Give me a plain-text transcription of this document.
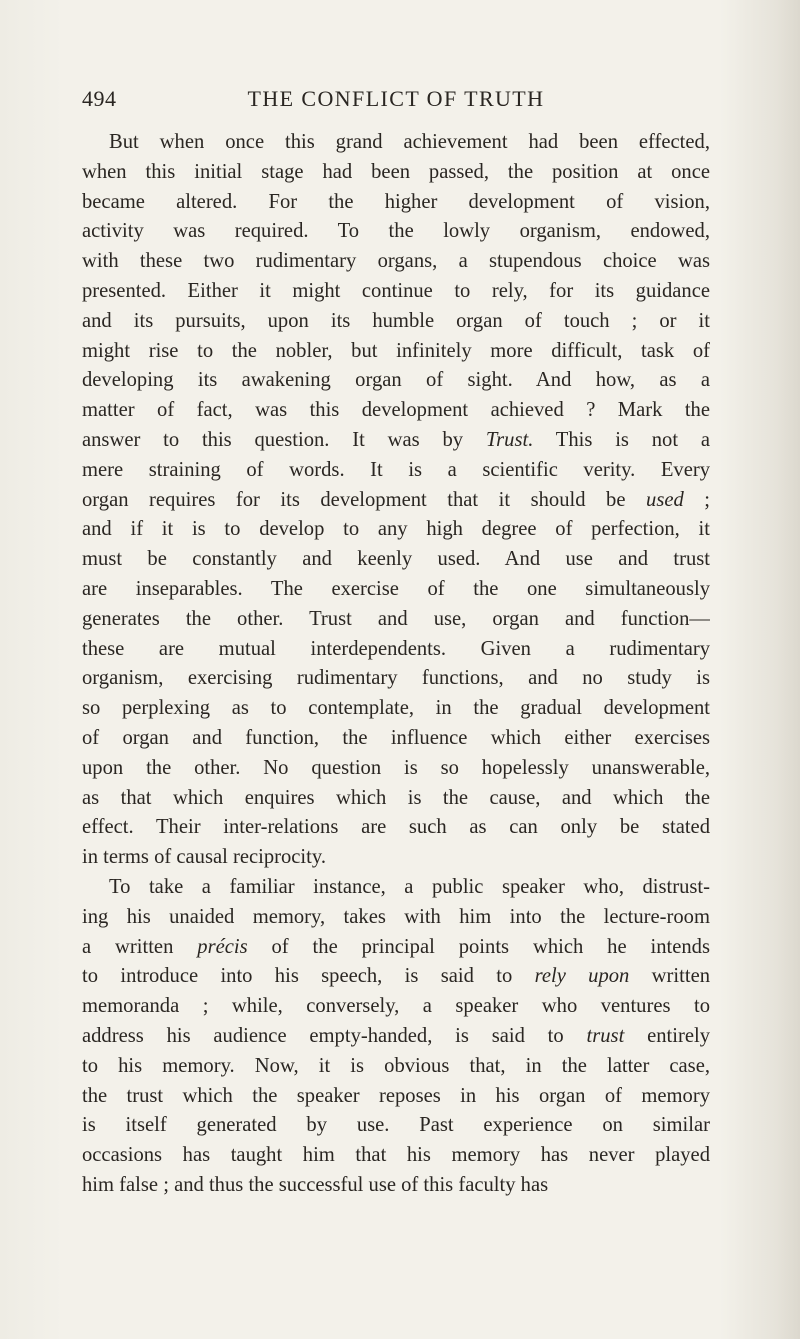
494	THE CONFLICT OF TRUTH
But when once this grand achievement had been effected,
when this initial stage had been passed, the position at once
became altered. For the higher development of vision,
activity was required. To the lowly organism, endowed,
with these two rudimentary organs, a stupendous choice was
presented. Either it might continue to rely, for its guidance
and its pursuits, upon its humble organ of touch ; or it
might rise to the nobler, but infinitely more difficult, task of
developing its awakening organ of sight. And how, as a
matter of fact, was this development achieved ? Mark the
answer to this question. It was by Trust. This is not a
mere straining of words. It is a scientific verity. Every
organ requires for its development that it should be used ;
and if it is to develop to any high degree of perfection, it
must be constantly and keenly used. And use and trust
are inseparables. The exercise of the one simultaneously
generates the other. Trust and use, organ and function—
these are mutual interdependents. Given a rudimentary
organism, exercising rudimentary functions, and no study is
so perplexing as to contemplate, in the gradual development
of organ and function, the influence which either exercises
upon the other. No question is so hopelessly unanswerable,
as that which enquires which is the cause, and which the
effect. Their inter-relations are such as can only be stated
in terms of causal reciprocity.
To take a familiar instance, a public speaker who, distrust-
ing his unaided memory, takes with him into the lecture-room
a written précis of the principal points which he intends
to introduce into his speech, is said to rely upon written
memoranda ; while, conversely, a speaker who ventures to
address his audience empty-handed, is said to trust entirely
to his memory. Now, it is obvious that, in the latter case,
the trust which the speaker reposes in his organ of memory
is itself generated by use. Past experience on similar
occasions has taught him that his memory has never played
him false ; and thus the successful use of this faculty has
